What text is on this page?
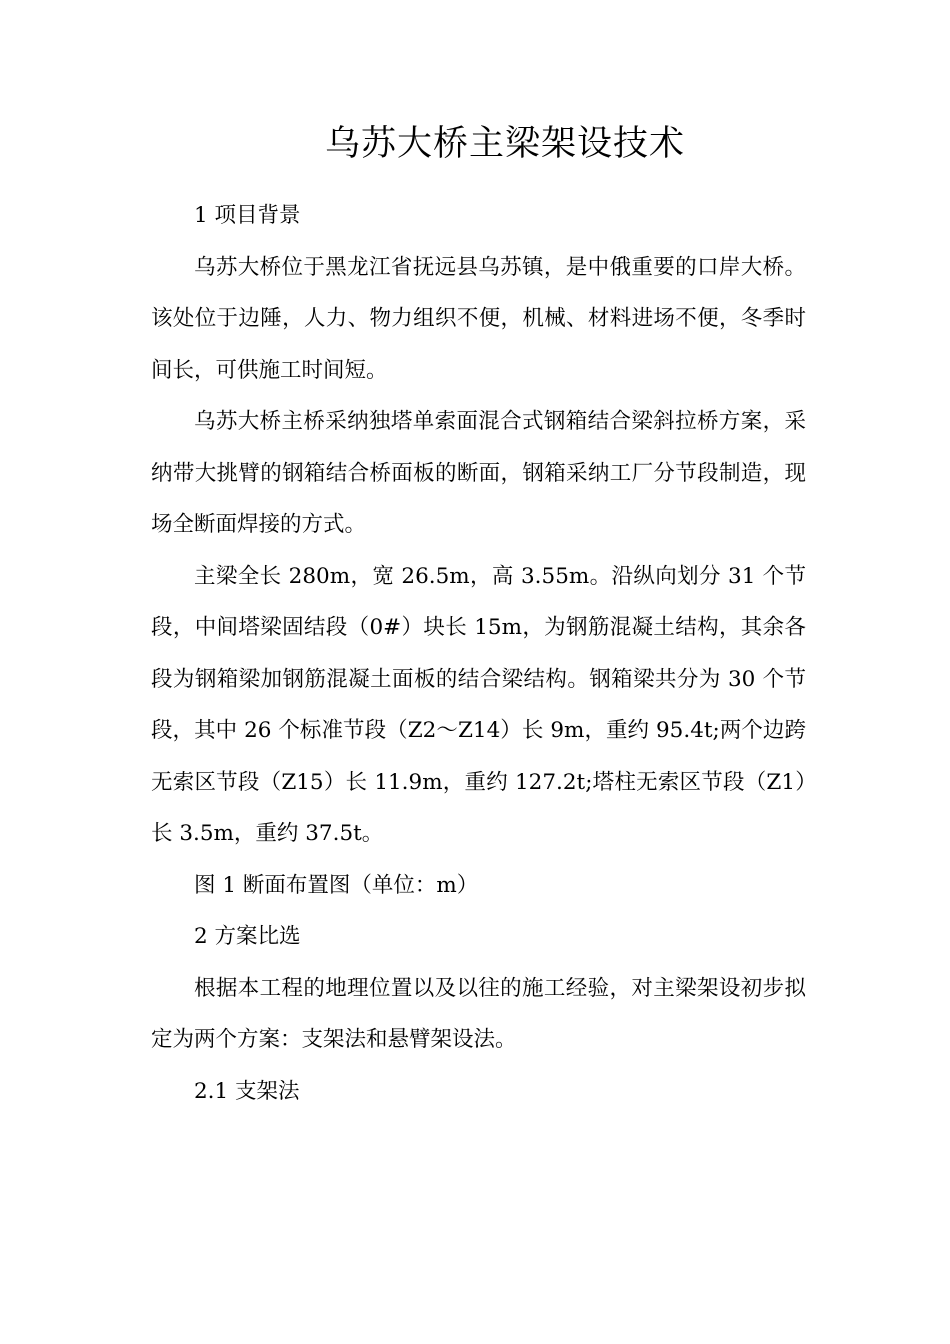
乌苏大桥主梁架设技术

1 项目背景

乌苏大桥位于黑龙江省抚远县乌苏镇，是中俄重要的口岸大桥。该处位于边陲，人力、物力组织不便，机械、材料进场不便，冬季时间长，可供施工时间短。

乌苏大桥主桥采纳独塔单索面混合式钢箱结合梁斜拉桥方案，采纳带大挑臂的钢箱结合桥面板的断面，钢箱采纳工厂分节段制造，现场全断面焊接的方式。

主梁全长 280m，宽 26.5m，高 3.55m。沿纵向划分 31 个节段，中间塔梁固结段（0#）块长 15m，为钢筋混凝土结构，其余各段为钢箱梁加钢筋混凝土面板的结合梁结构。钢箱梁共分为 30 个节段，其中 26 个标准节段（Z2～Z14）长 9m，重约 95.4t;两个边跨无索区节段（Z15）长 11.9m，重约 127.2t;塔柱无索区节段（Z1）长 3.5m，重约 37.5t。

图 1 断面布置图（单位：m）

2 方案比选

根据本工程的地理位置以及以往的施工经验，对主梁架设初步拟定为两个方案：支架法和悬臂架设法。

2.1 支架法
